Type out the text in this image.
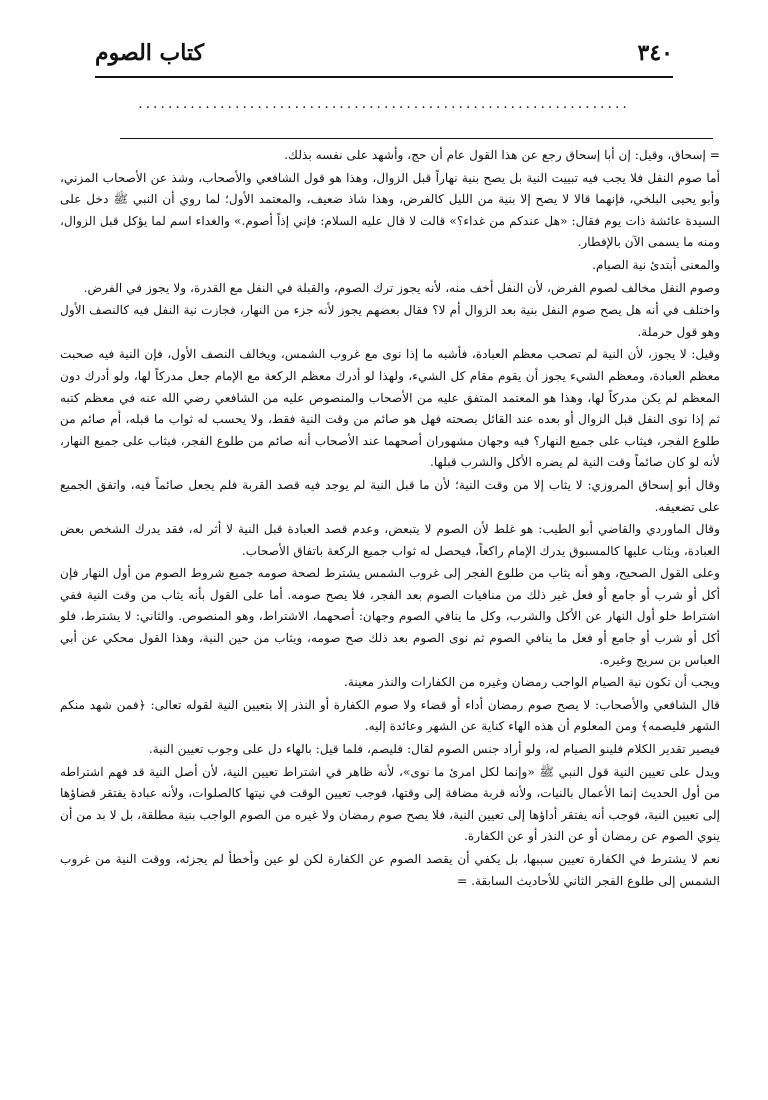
٣٤٠
كتاب الصوم
..................................................................

= إسحاق، وقيل: إن أبا إسحاق رجع عن هذا القول عام أن حج، وأشهد على نفسه بذلك.

أما صوم النفل فلا يجب فيه تبييت النية بل يصح بنية نهاراً قبل الزوال، وهذا هو قول الشافعي والأصحاب، وشذ عن الأصحاب المزني، وأبو يحيى البلخي، فإنهما قالا لا يصح إلا بنية من الليل كالفرض، وهذا شاذ ضعيف، والمعتمد الأول؛ لما روي أن النبي ﷺ دخل على السيدة عائشة ذات يوم فقال: «هل عندكم من غداء؟» قالت لا قال عليه السلام: فإني إذاً أصوم.» والغداء اسم لما يؤكل قبل الزوال، ومنه ما يسمى الآن بالإفطار.

والمعنى أبتدئ نية الصيام.

وصوم النفل مخالف لصوم الفرض، لأن النفل أخف منه، لأنه يجوز ترك الصوم، والقبلة في النفل مع القدرة، ولا يجوز في الفرض.

واختلف في أنه هل يصح صوم النفل بنية بعد الزوال أم لا؟ فقال بعضهم يجوز لأنه جزء من النهار، فجازت نية النفل فيه كالنصف الأول وهو قول حرملة.

وقيل: لا يجوز، لأن النية لم تصحب معظم العبادة، فأشبه ما إذا نوى مع غروب الشمس، ويخالف النصف الأول، فإن النية فيه صحبت معظم العبادة، ومعظم الشيء يجوز أن يقوم مقام كل الشيء، ولهذا لو أدرك معظم الركعة مع الإمام جعل مدركاً لها، ولو أدرك دون المعظم لم يكن مدركاً لها، وهذا هو المعتمد المتفق عليه من الأصحاب والمنصوص عليه من الشافعي رضي الله عنه في معظم كتبه ثم إذا نوى النفل قبل الزوال أو بعده عند القائل بصحته فهل هو صائم من وقت النية فقط، ولا يحسب له ثواب ما قبله، أم صائم من طلوع الفجر، فيثاب على جميع النهار؟ فيه وجهان مشهوران أصحهما عند الأصحاب أنه صائم من طلوع الفجر، فيثاب على جميع النهار، لأنه لو كان صائماً وقت النية لم يضره الأكل والشرب قبلها.

وقال أبو إسحاق المروزي: لا يثاب إلا من وقت النية؛ لأن ما قبل النية لم يوجد فيه قصد القربة فلم يجعل صائماً فيه، واتفق الجميع على تضعيفه.

وقال الماوردي والقاضي أبو الطيب: هو غلط لأن الصوم لا يتبعض، وعدم قصد العبادة قبل النية لا أثر له، فقد يدرك الشخص بعض العبادة، ويثاب عليها كالمسبوق يدرك الإمام راكعاً، فيحصل له ثواب جميع الركعة باتفاق الأصحاب.

وعلى القول الصحيح، وهو أنه يثاب من طلوع الفجر إلى غروب الشمس يشترط لصحة صومه جميع شروط الصوم من أول النهار فإن أكل أو شرب أو جامع أو فعل غير ذلك من منافيات الصوم بعد الفجر، فلا يصح صومه. أما على القول بأنه يثاب من وقت النية ففي اشتراط خلو أول النهار عن الأكل والشرب، وكل ما ينافي الصوم وجهان: أصحهما، الاشتراط، وهو المنصوص. والثاني: لا يشترط، فلو أكل أو شرب أو جامع أو فعل ما ينافي الصوم ثم نوى الصوم بعد ذلك صح صومه، ويثاب من حين النية، وهذا القول محكي عن أبي العباس بن سريج وغيره.

ويجب أن تكون نية الصيام الواجب رمضان وغيره من الكفارات والنذر معينة.

قال الشافعي والأصحاب: لا يصح صوم رمضان أداء أو قضاء ولا صوم الكفارة أو النذر إلا بتعيين النية لقوله تعالى: ﴿فمن شهد منكم الشهر فليصمه﴾ ومن المعلوم أن هذه الهاء كناية عن الشهر وعائدة إليه.

فيصير تقدير الكلام فلينو الصيام له، ولو أراد جنس الصوم لقال: فليصم، فلما قيل: بالهاء دل على وجوب تعيين النية.

ويدل على تعيين النية قول النبي ﷺ «وإنما لكل امرئ ما نوى»، لأنه ظاهر في اشتراط تعيين النية، لأن أصل النية قد فهم اشتراطه من أول الحديث إنما الأعمال بالنيات، ولأنه قربة مضافة إلى وقتها، فوجب تعيين الوقت في نيتها كالصلوات، ولأنه عبادة يفتقر قضاؤها إلى تعيين النية، فوجب أنه يفتقر أداؤها إلى تعيين النية، فلا يصح صوم رمضان ولا غيره من الصوم الواجب بنية مطلقة، بل لا بد من أن ينوي الصوم عن رمضان أو عن النذر أو عن الكفارة.

نعم لا يشترط في الكفارة تعيين سببها، بل يكفي أن يقصد الصوم عن الكفارة لكن لو عين وأخطأ لم يجزئه، ووقت النية من غروب الشمس إلى طلوع الفجر الثاني للأحاديث السابقة. =
